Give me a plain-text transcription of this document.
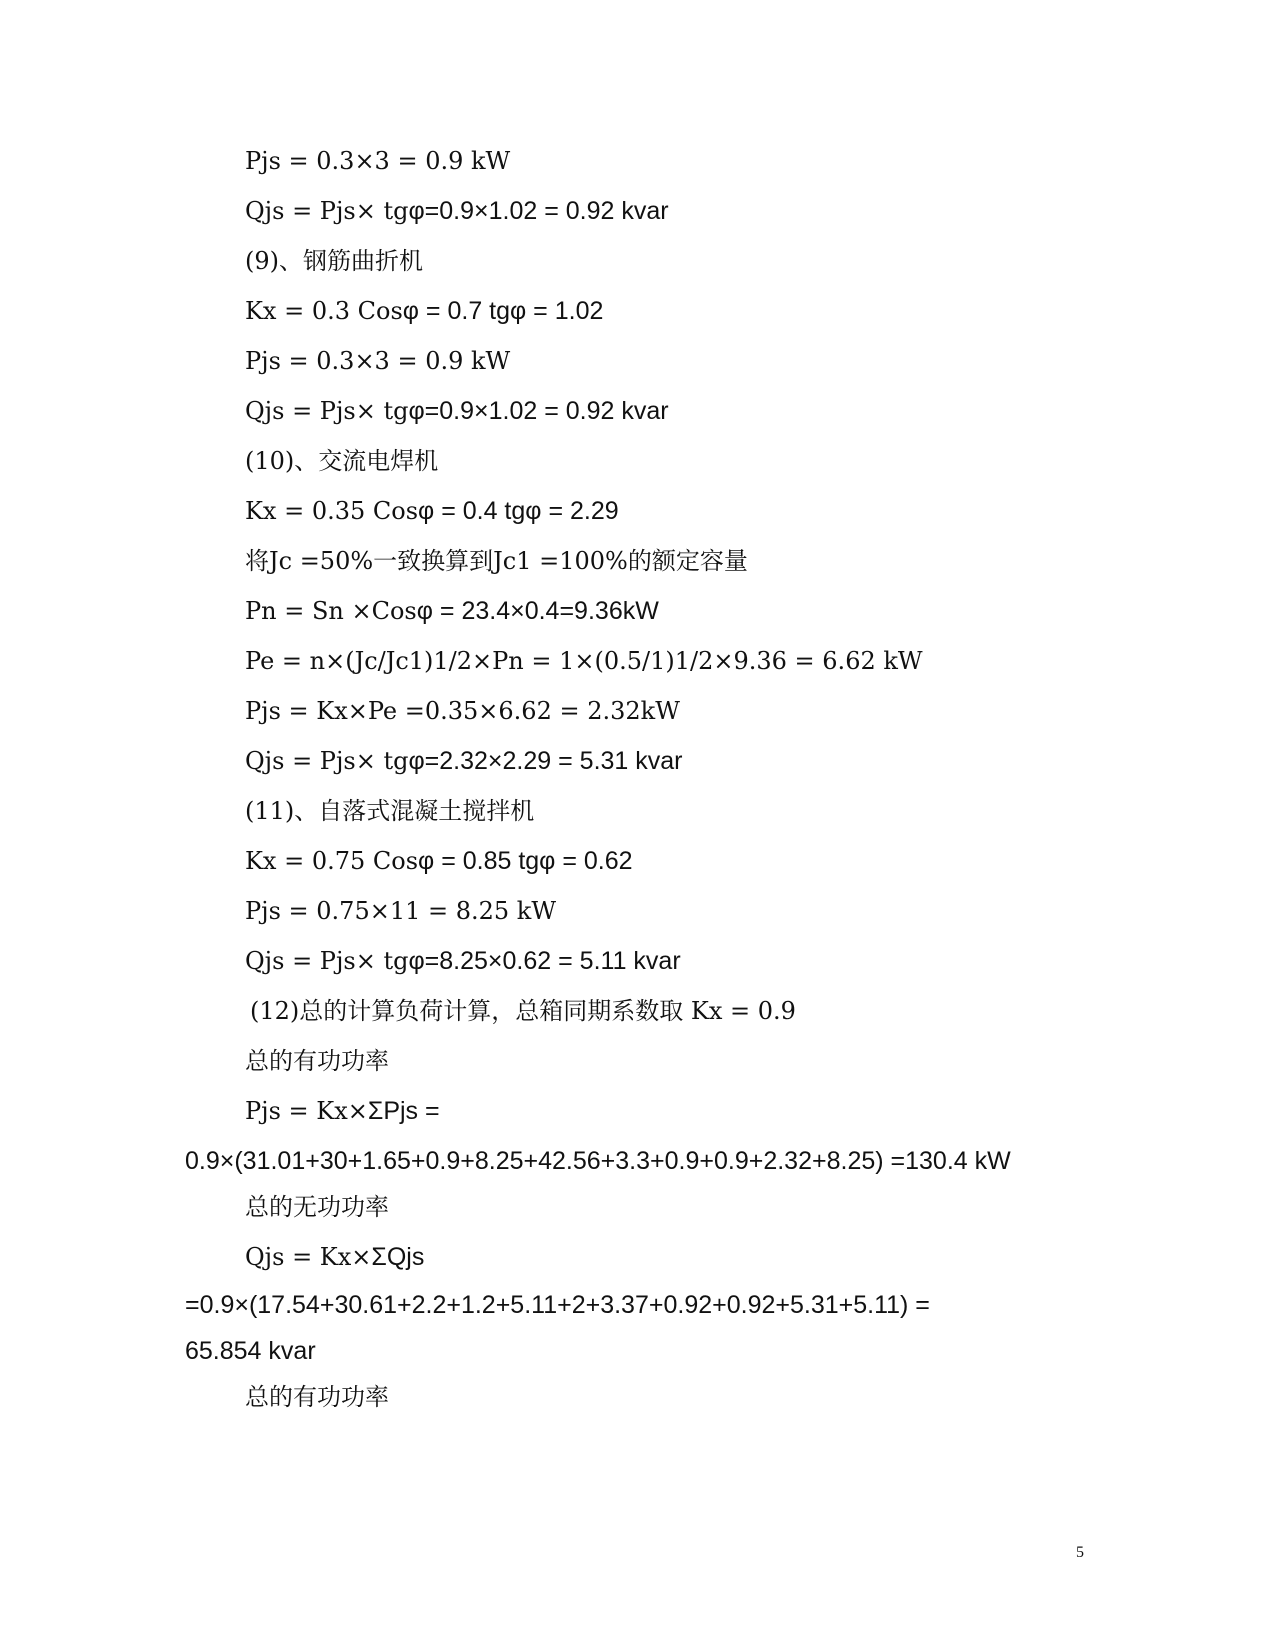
Pjs = 0.3×3 = 0.9 kW
Qjs = Pjs× tgφ=0.9×1.02 = 0.92 kvar
(9)、钢筋曲折机
Kx = 0.3 Cosφ = 0.7 tgφ = 1.02
Pjs = 0.3×3 = 0.9 kW
Qjs = Pjs× tgφ=0.9×1.02 = 0.92 kvar
(10)、交流电焊机
Kx = 0.35 Cosφ = 0.4 tgφ = 2.29
将Jc =50%一致换算到Jc1 =100%的额定容量
Pn = Sn ×Cosφ = 23.4×0.4=9.36kW
Pe = n×(Jc/Jc1)1/2×Pn = 1×(0.5/1)1/2×9.36 = 6.62 kW
Pjs = Kx×Pe =0.35×6.62 = 2.32kW
Qjs = Pjs× tgφ=2.32×2.29 = 5.31 kvar
(11)、自落式混凝土搅拌机
Kx = 0.75 Cosφ = 0.85 tgφ = 0.62
Pjs = 0.75×11 = 8.25 kW
Qjs = Pjs× tgφ=8.25×0.62 = 5.11 kvar
(12)总的计算负荷计算，总箱同期系数取 Kx = 0.9
总的有功功率
Pjs = Kx×ΣPjs =
0.9×(31.01+30+1.65+0.9+8.25+42.56+3.3+0.9+0.9+2.32+8.25) =130.4 kW
总的无功功率
Qjs = Kx×ΣQjs
=0.9×(17.54+30.61+2.2+1.2+5.11+2+3.37+0.92+0.92+5.31+5.11) =
65.854 kvar
总的有功功率
5
